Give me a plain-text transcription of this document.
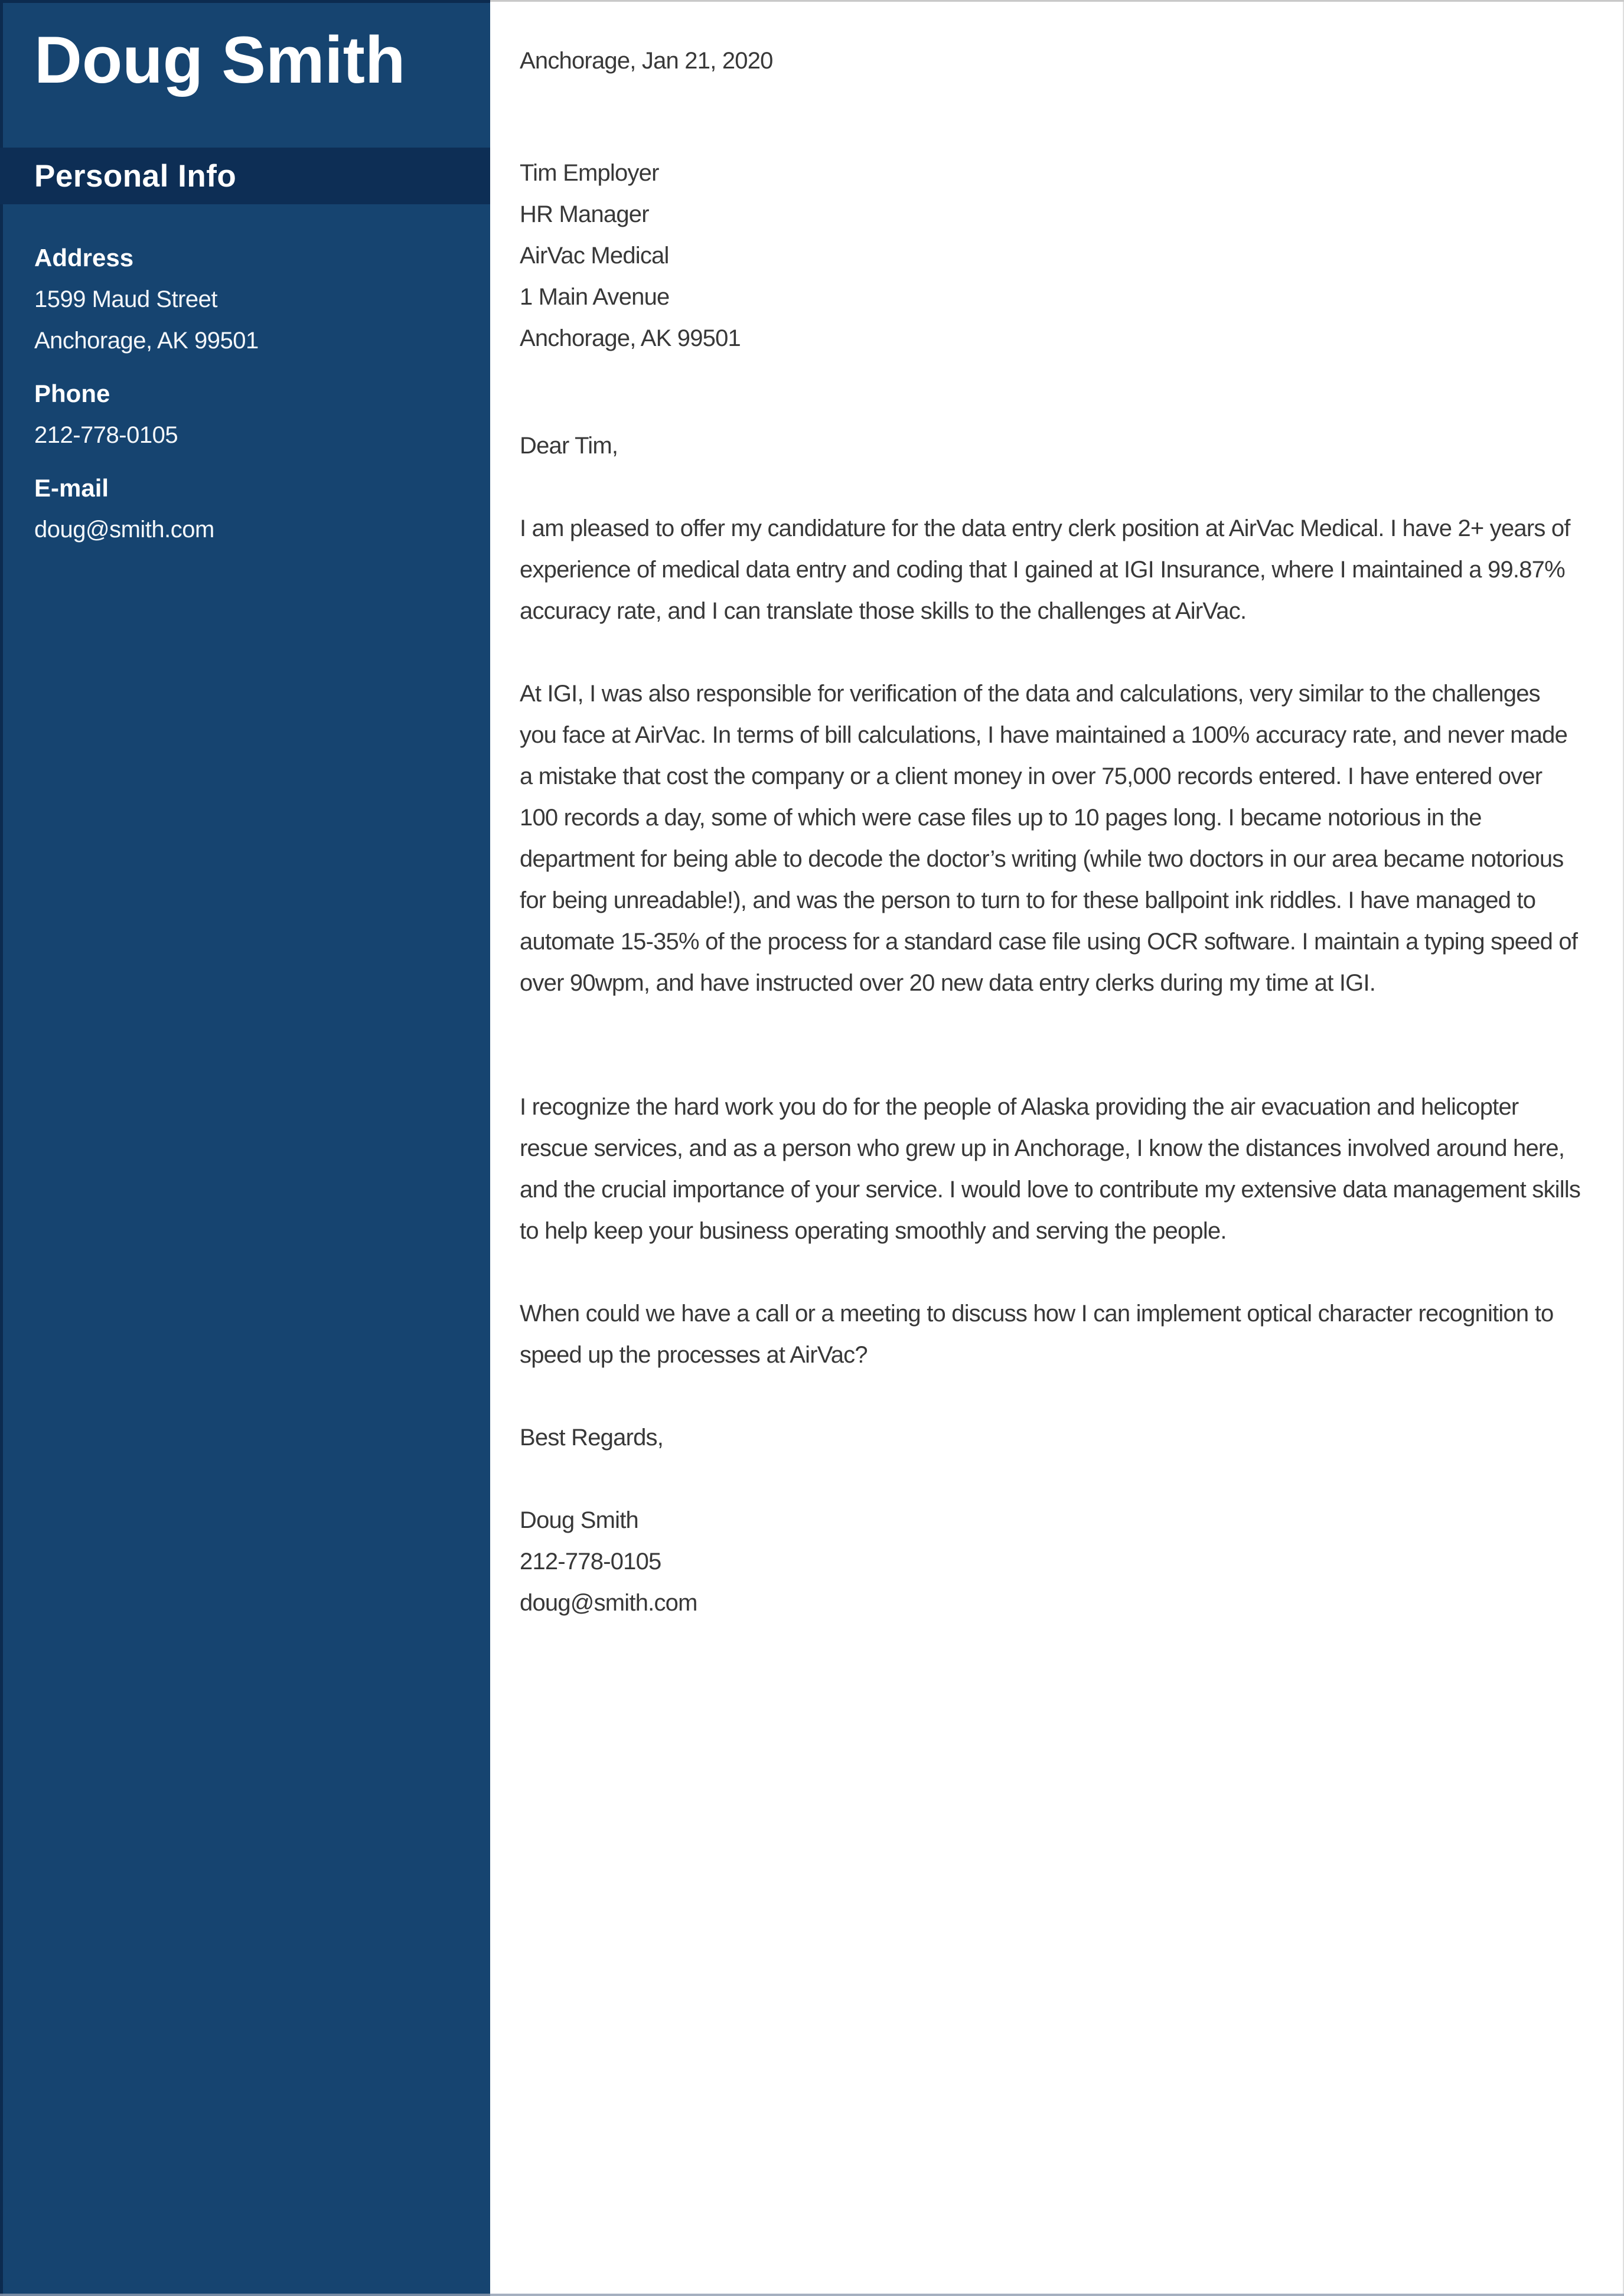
Doug Smith
Personal Info
Address
1599 Maud Street
Anchorage, AK 99501
Phone
212-778-0105
E-mail
doug@smith.com

Anchorage, Jan 21, 2020

Tim Employer
HR Manager
AirVac Medical
1 Main Avenue
Anchorage, AK 99501

Dear Tim,

I am pleased to offer my candidature for the data entry clerk position at AirVac Medical. I have 2+ years of experience of medical data entry and coding that I gained at IGI Insurance, where I maintained a 99.87% accuracy rate, and I can translate those skills to the challenges at AirVac.

At IGI, I was also responsible for verification of the data and calculations, very similar to the challenges you face at AirVac. In terms of bill calculations, I have maintained a 100% accuracy rate, and never made a mistake that cost the company or a client money in over 75,000 records entered. I have entered over 100 records a day, some of which were case files up to 10 pages long. I became notorious in the department for being able to decode the doctor’s writing (while two doctors in our area became notorious for being unreadable!), and was the person to turn to for these ballpoint ink riddles. I have managed to automate 15-35% of the process for a standard case file using OCR software. I maintain a typing speed of over 90wpm, and have instructed over 20 new data entry clerks during my time at IGI.

I recognize the hard work you do for the people of Alaska providing the air evacuation and helicopter rescue services, and as a person who grew up in Anchorage, I know the distances involved around here, and the crucial importance of your service. I would love to contribute my extensive data management skills to help keep your business operating smoothly and serving the people.

When could we have a call or a meeting to discuss how I can implement optical character recognition to speed up the processes at AirVac?

Best Regards,

Doug Smith
212-778-0105
doug@smith.com
